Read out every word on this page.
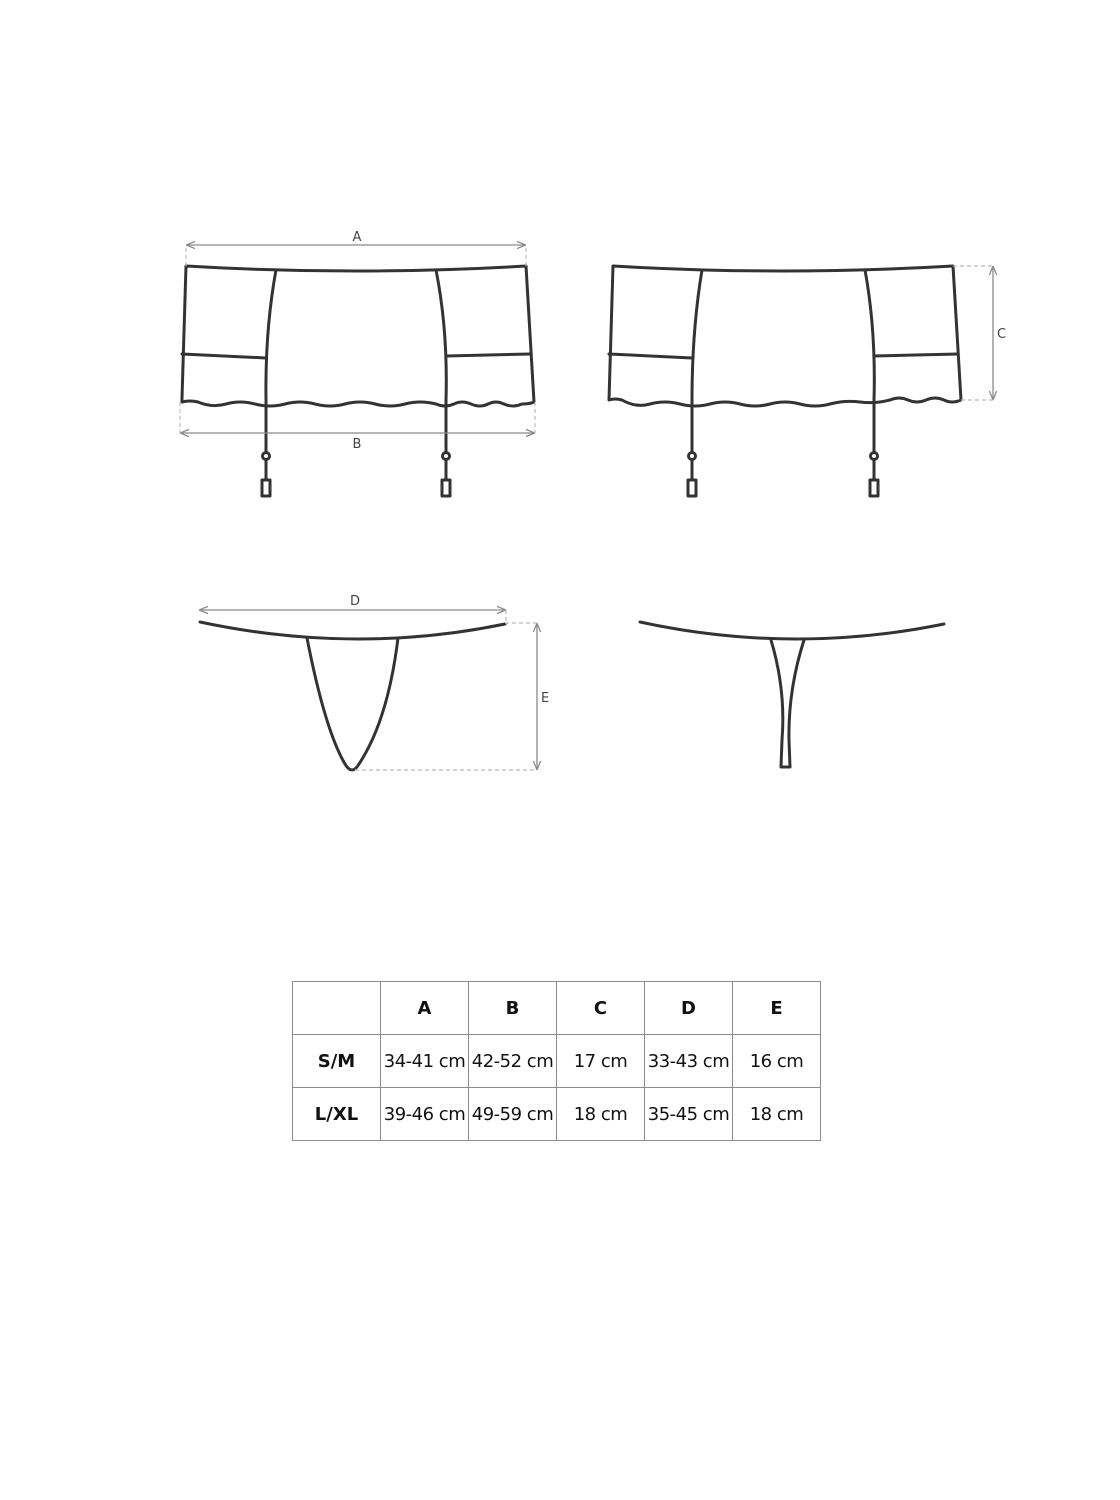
A
B
C
D
E
	A	B	C	D	E
S/M	34-41 cm	42-52 cm	17 cm	33-43 cm	16 cm
L/XL	39-46 cm	49-59 cm	18 cm	35-45 cm	18 cm
